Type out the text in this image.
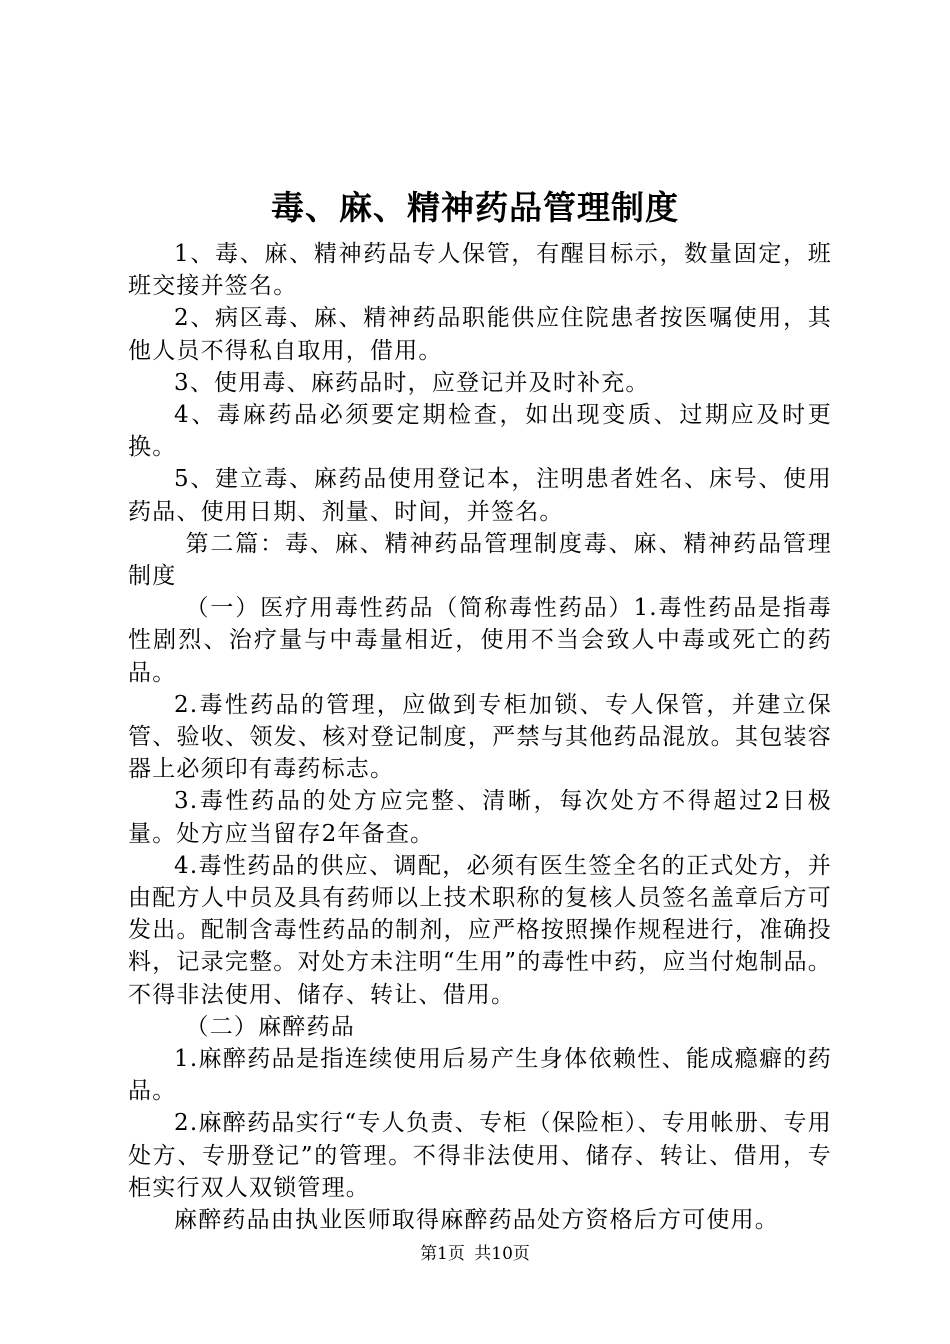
毒、麻、精神药品管理制度

1、毒、麻、精神药品专人保管，有醒目标示，数量固定，班班交接并签名。

2、病区毒、麻、精神药品职能供应住院患者按医嘱使用，其他人员不得私自取用，借用。

3、使用毒、麻药品时，应登记并及时补充。

4、毒麻药品必须要定期检查，如出现变质、过期应及时更换。

5、建立毒、麻药品使用登记本，注明患者姓名、床号、使用药品、使用日期、剂量、时间，并签名。

第二篇：毒、麻、精神药品管理制度毒、麻、精神药品管理制度

（一）医疗用毒性药品（简称毒性药品）1.毒性药品是指毒性剧烈、治疗量与中毒量相近，使用不当会致人中毒或死亡的药品。

2.毒性药品的管理，应做到专柜加锁、专人保管，并建立保管、验收、领发、核对登记制度，严禁与其他药品混放。其包装容器上必须印有毒药标志。

3.毒性药品的处方应完整、清晰，每次处方不得超过2日极量。处方应当留存2年备查。

4.毒性药品的供应、调配，必须有医生签全名的正式处方，并由配方人中员及具有药师以上技术职称的复核人员签名盖章后方可发出。配制含毒性药品的制剂，应严格按照操作规程进行，准确投料，记录完整。对处方未注明“生用”的毒性中药，应当付炮制品。不得非法使用、储存、转让、借用。

（二）麻醉药品

1.麻醉药品是指连续使用后易产生身体依赖性、能成瘾癖的药品。

2.麻醉药品实行“专人负责、专柜（保险柜）、专用帐册、专用处方、专册登记”的管理。不得非法使用、储存、转让、借用，专柜实行双人双锁管理。

麻醉药品由执业医师取得麻醉药品处方资格后方可使用。

第1页 共10页
